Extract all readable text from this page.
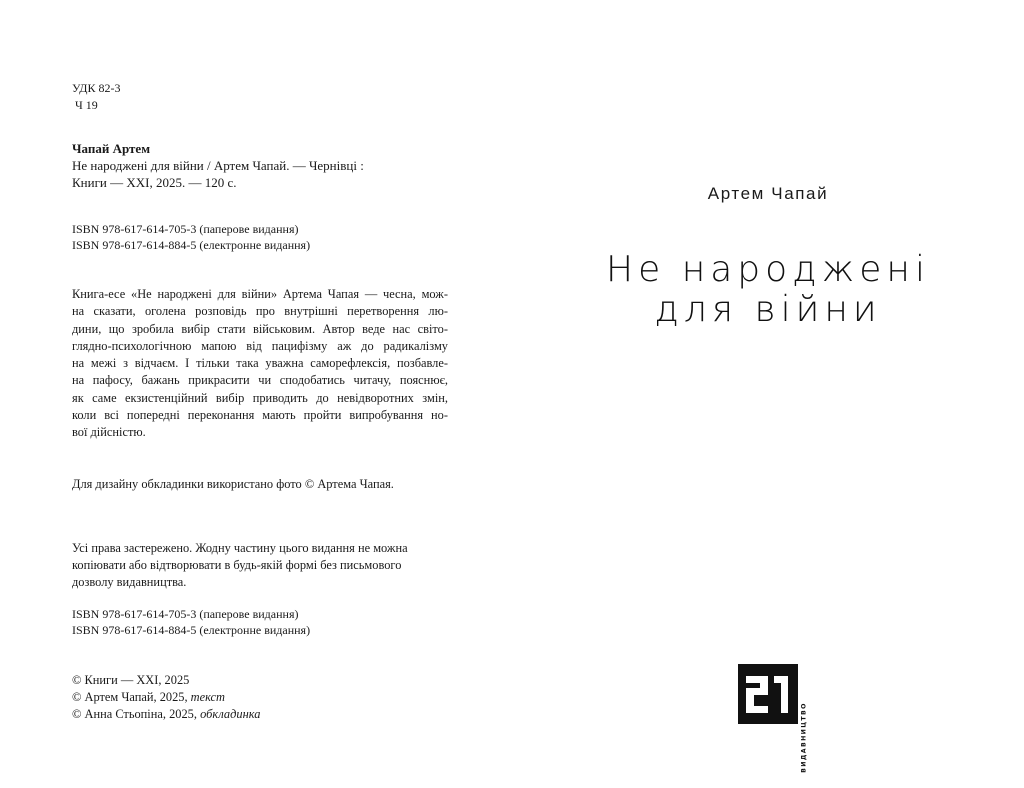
УДК 82-3
Ч 19
Чапай Артем
Не народжені для війни / Артем Чапай. — Чернівці :
Книги — XXI, 2025. — 120 с.
ISBN 978-617-614-705-3 (паперове видання)
ISBN 978-617-614-884-5 (електронне видання)
Книга-есе «Не народжені для війни» Артема Чапая — чесна, мож-
на сказати, оголена розповідь про внутрішні перетворення лю-
дини, що зробила вибір стати військовим. Автор веде нас світо-
глядно-психологічною мапою від пацифізму аж до радикалізму
на межі з відчаєм. І тільки така уважна саморефлексія, позбавле-
на пафосу, бажань прикрасити чи сподобатись читачу, пояснює,
як саме екзистенційний вибір приводить до невідворотних змін,
коли всі попередні переконання мають пройти випробування но-
вої дійсністю.
Для дизайну обкладинки використано фото © Артема Чапая.
Усі права застережено. Жодну частину цього видання не можна
копіювати або відтворювати в будь-якій формі без письмового
дозволу видавництва.
ISBN 978-617-614-705-3 (паперове видання)
ISBN 978-617-614-884-5 (електронне видання)
© Книги — XXI, 2025
© Артем Чапай, 2025, текст
© Анна Стьопіна, 2025, обкладинка
Артем Чапай
Не народжені
для війни
ВИДАВНИЦТВО
